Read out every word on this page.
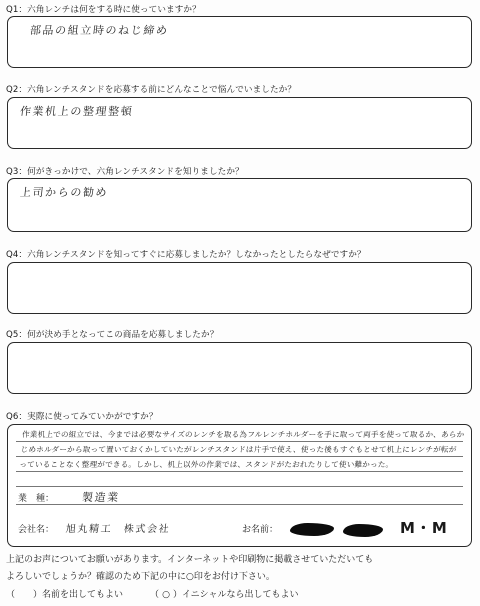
Q1：六角レンチは何をする時に使っていますか？
部品の組立時のねじ締め
Q2：六角レンチスタンドを応募する前にどんなことで悩んでいましたか？
作業机上の整理整頓
Q3：何がきっかけで、六角レンチスタンドを知りましたか？
上司からの勧め
Q4：六角レンチスタンドを知ってすぐに応募しましたか？しなかったとしたらなぜですか？
Q5：何が決め手となってこの商品を応募しましたか？
Q6：実際に使ってみていかがですか？
作業机上での組立では、今までは必要なサイズのレンチを取る為フルレンチホルダーを手に取って両手を使って取るか、あらかじめホルダーから取って置いておくかしていたがレンチスタンドは片手で使え、使った後もすぐもとせて机上にレンチが転がっていることなく整理ができる。しかし、机上以外の作業では、スタンドがたおれたりして使い難かった。
業　種： 製造業
会社名： 旭丸精工　株式会社	お名前：	M・M
上記のお声についてお願いがあります。インターネットや印刷物に掲載させていただいても
よろしいでしょうか？確認のため下記の中に○印をお付け下さい。
（ ）名前を出してもよい	（ ○ ）イニシャルなら出してもよい
